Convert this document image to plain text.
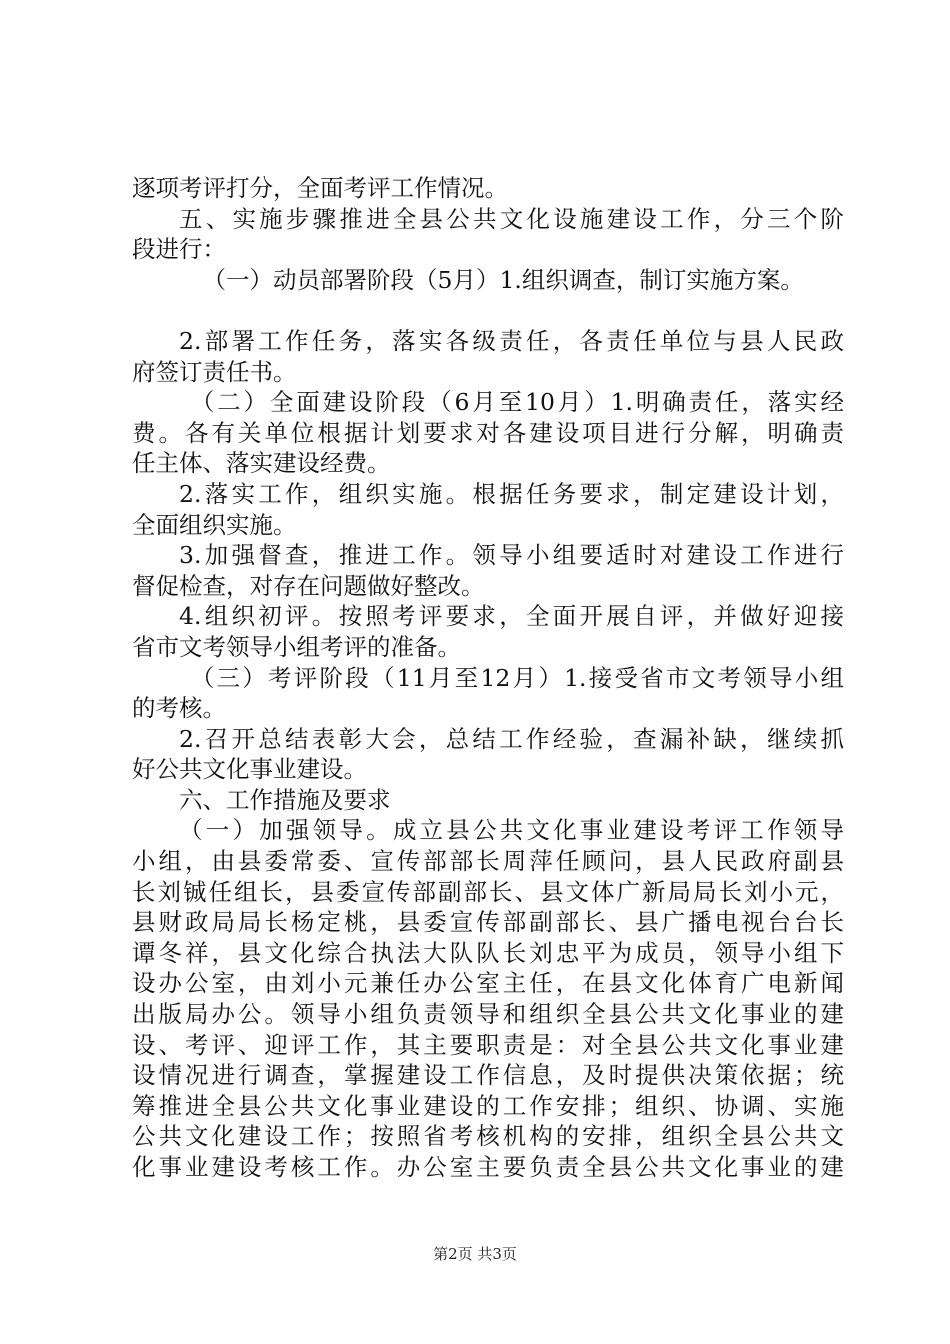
逐项考评打分，全面考评工作情况。
五、实施步骤推进全县公共文化设施建设工作，分三个阶
段进行：
（一）动员部署阶段（5月）1.组织调查，制订实施方案。
2.部署工作任务，落实各级责任，各责任单位与县人民政
府签订责任书。
（二）全面建设阶段（6月至10月）1.明确责任，落实经
费。各有关单位根据计划要求对各建设项目进行分解，明确责
任主体、落实建设经费。
2.落实工作，组织实施。根据任务要求，制定建设计划，
全面组织实施。
3.加强督查，推进工作。领导小组要适时对建设工作进行
督促检查，对存在问题做好整改。
4.组织初评。按照考评要求，全面开展自评，并做好迎接
省市文考领导小组考评的准备。
（三）考评阶段（11月至12月）1.接受省市文考领导小组
的考核。
2.召开总结表彰大会，总结工作经验，查漏补缺，继续抓
好公共文化事业建设。
六、工作措施及要求
（一）加强领导。成立县公共文化事业建设考评工作领导
小组，由县委常委、宣传部部长周萍任顾问，县人民政府副县
长刘铖任组长，县委宣传部副部长、县文体广新局局长刘小元，
县财政局局长杨定桃，县委宣传部副部长、县广播电视台台长
谭冬祥，县文化综合执法大队队长刘忠平为成员，领导小组下
设办公室，由刘小元兼任办公室主任，在县文化体育广电新闻
出版局办公。领导小组负责领导和组织全县公共文化事业的建
设、考评、迎评工作，其主要职责是：对全县公共文化事业建
设情况进行调查，掌握建设工作信息，及时提供决策依据；统
筹推进全县公共文化事业建设的工作安排；组织、协调、实施
公共文化建设工作；按照省考核机构的安排，组织全县公共文
化事业建设考核工作。办公室主要负责全县公共文化事业的建
第2页 共3页
